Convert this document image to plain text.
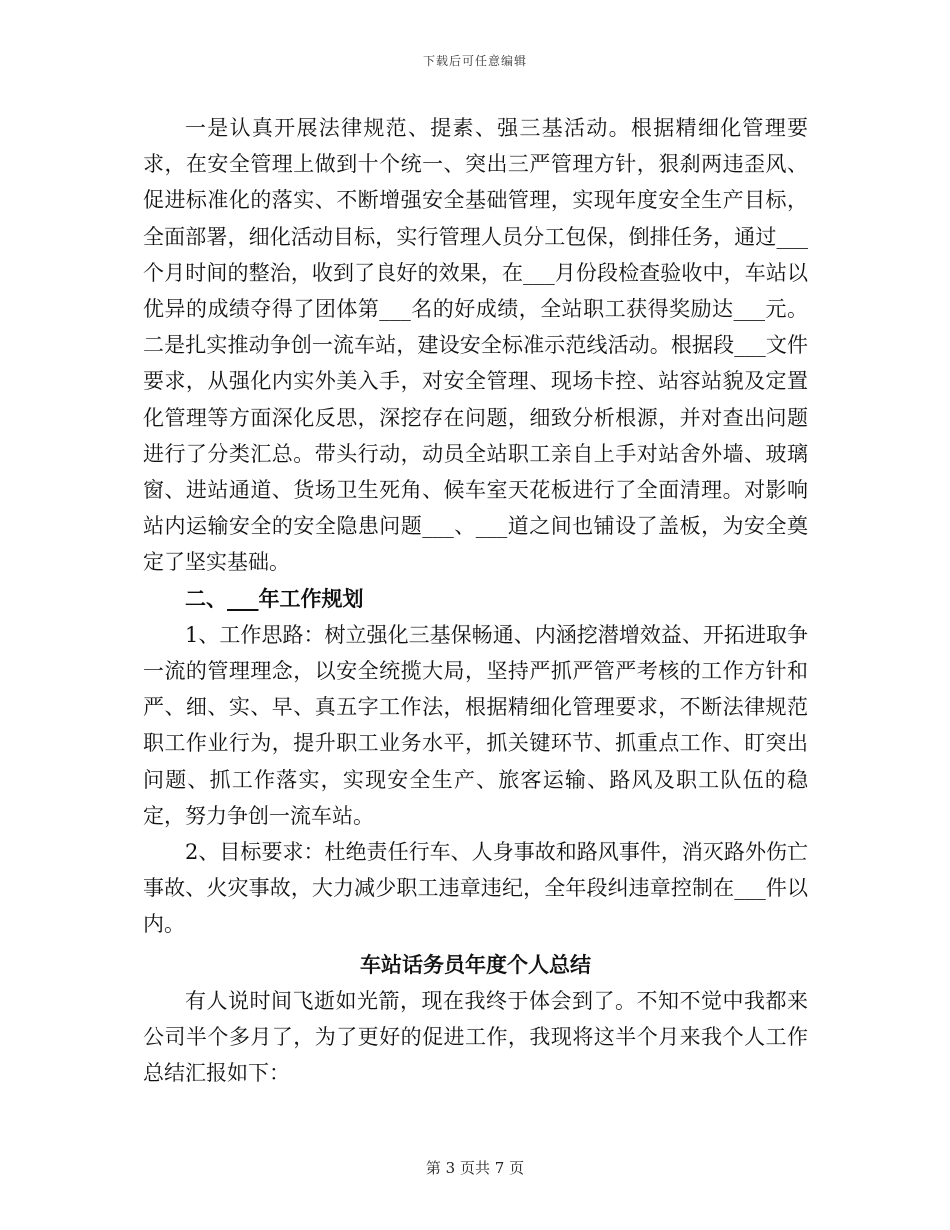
下载后可任意编辑

一是认真开展法律规范、提素、强三基活动。根据精细化管理要求，在安全管理上做到十个统一、突出三严管理方针，狠刹两违歪风、促进标准化的落实、不断增强安全基础管理，实现年度安全生产目标，全面部署，细化活动目标，实行管理人员分工包保，倒排任务，通过___个月时间的整治，收到了良好的效果，在___月份段检查验收中，车站以优异的成绩夺得了团体第___名的好成绩，全站职工获得奖励达___元。二是扎实推动争创一流车站，建设安全标准示范线活动。根据段___文件要求，从强化内实外美入手，对安全管理、现场卡控、站容站貌及定置化管理等方面深化反思，深挖存在问题，细致分析根源，并对查出问题进行了分类汇总。带头行动，动员全站职工亲自上手对站舍外墙、玻璃窗、进站通道、货场卫生死角、候车室天花板进行了全面清理。对影响站内运输安全的安全隐患问题___、___道之间也铺设了盖板，为安全奠定了坚实基础。

二、___年工作规划

1、工作思路：树立强化三基保畅通、内涵挖潜增效益、开拓进取争一流的管理理念，以安全统揽大局，坚持严抓严管严考核的工作方针和严、细、实、早、真五字工作法，根据精细化管理要求，不断法律规范职工作业行为，提升职工业务水平，抓关键环节、抓重点工作、盯突出问题、抓工作落实，实现安全生产、旅客运输、路风及职工队伍的稳定，努力争创一流车站。

2、目标要求：杜绝责任行车、人身事故和路风事件，消灭路外伤亡事故、火灾事故，大力减少职工违章违纪，全年段纠违章控制在___件以内。

车站话务员年度个人总结

有人说时间飞逝如光箭，现在我终于体会到了。不知不觉中我都来公司半个多月了，为了更好的促进工作，我现将这半个月来我个人工作总结汇报如下：

第 3 页共 7 页
